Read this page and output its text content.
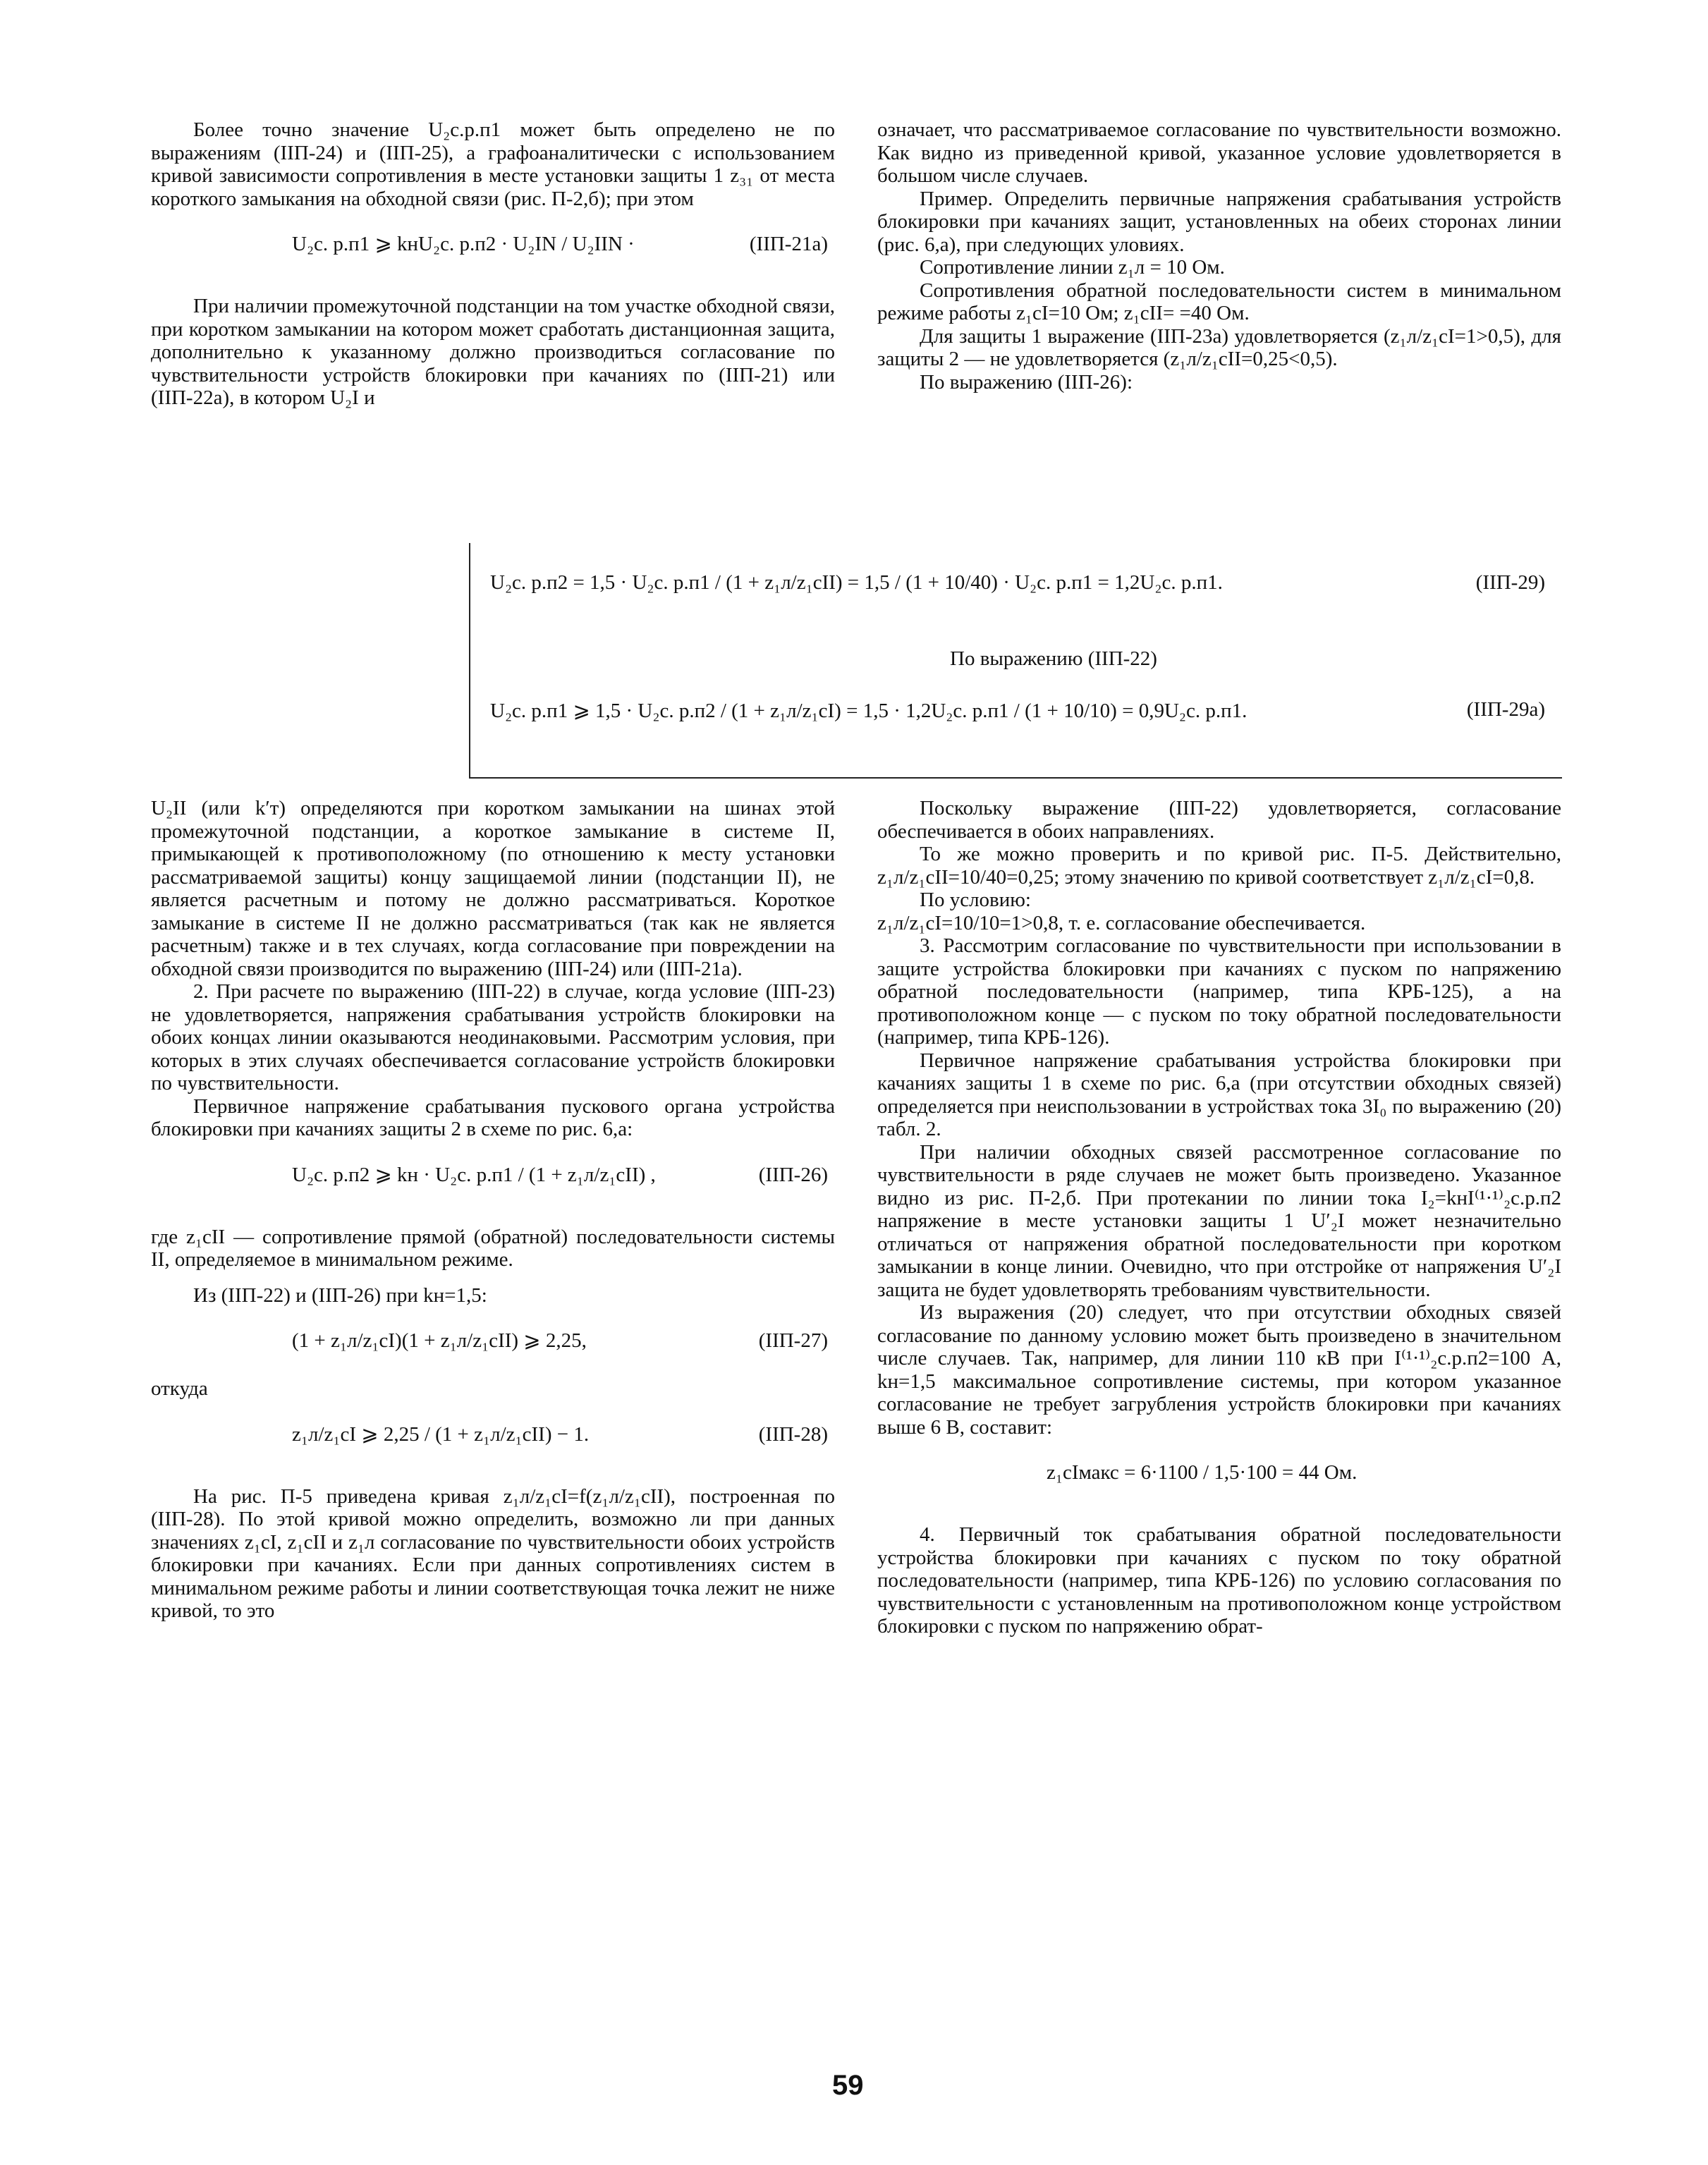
Более точно значение U₂с.р.п1 может быть определено не по выражениям (IIП-24) и (IIП-25), а графоаналитически с использованием кривой зависимости сопротивления в месте установки защиты 1 z₃₁ от места короткого замыкания на обходной связи (рис. П-2,б); при этом

U₂с. р.п1 ⩾ kнU₂с. р.п2 · U₂IN / U₂IIN ·	(IIП-21а)

При наличии промежуточной подстанции на том участке обходной связи, при коротком замыкании на котором может сработать дистанционная защита, дополнительно к указанному должно производиться согласование по чувствительности устройств блокировки при качаниях по (IIП-21) или (IIП-22а), в котором U₂I и

означает, что рассматриваемое согласование по чувствительности возможно. Как видно из приведенной кривой, указанное условие удовлетворяется в большом числе случаев.

Пример. Определить первичные напряжения срабатывания устройств блокировки при качаниях защит, установленных на обеих сторонах линии (рис. 6,а), при следующих уловиях.

Сопротивление линии z₁л = 10 Ом.

Сопротивления обратной последовательности систем в минимальном режиме работы z₁сI=10 Ом; z₁сII= =40 Ом.

Для защиты 1 выражение (IIП-23а) удовлетворяется (z₁л/z₁сI=1>0,5), для защиты 2 — не удовлетворяется (z₁л/z₁сII=0,25<0,5).

По выражению (IIП-26):

U₂с. р.п2 = 1,5 · U₂с. р.п1 / (1 + z₁л/z₁сII) = 1,5 / (1 + 10/40) · U₂с. р.п1 = 1,2U₂с. р.п1.	(IIП-29)
По выражению (IIП-22)
U₂с. р.п1 ⩾ 1,5 · U₂с. р.п2 / (1 + z₁л/z₁сI) = 1,5 · 1,2U₂с. р.п1 / (1 + 10/10) = 0,9U₂с. р.п1.	(IIП-29а)

U₂II (или k′т) определяются при коротком замыкании на шинах этой промежуточной подстанции, а короткое замыкание в системе II, примыкающей к противоположному (по отношению к месту установки рассматриваемой защиты) концу защищаемой линии (подстанции II), не является расчетным и потому не должно рассматриваться. Короткое замыкание в системе II не должно рассматриваться (так как не является расчетным) также и в тех случаях, когда согласование при повреждении на обходной связи производится по выражению (IIП-24) или (IIП-21а).

2. При расчете по выражению (IIП-22) в случае, когда условие (IIП-23) не удовлетворяется, напряжения срабатывания устройств блокировки на обоих концах линии оказываются неодинаковыми. Рассмотрим условия, при которых в этих случаях обеспечивается согласование устройств блокировки по чувствительности.

Первичное напряжение срабатывания пускового органа устройства блокировки при качаниях защиты 2 в схеме по рис. 6,а:

U₂с. р.п2 ⩾ kн · U₂с. р.п1 / (1 + z₁л/z₁сII) ,	(IIП-26)

где z₁сII — сопротивление прямой (обратной) последовательности системы II, определяемое в минимальном режиме.

Из (IIП-22) и (IIП-26) при kн=1,5:

(1 + z₁л/z₁сI)(1 + z₁л/z₁сII) ⩾ 2,25,	(IIП-27)

откуда

z₁л/z₁сI ⩾ 2,25 / (1 + z₁л/z₁сII) − 1.	(IIП-28)

На рис. П-5 приведена кривая z₁л/z₁сI=f(z₁л/z₁сII), построенная по (IIП-28). По этой кривой можно определить, возможно ли при данных значениях z₁сI, z₁сII и z₁л согласование по чувствительности обоих устройств блокировки при качаниях. Если при данных сопротивлениях систем в минимальном режиме работы и линии соответствующая точка лежит не ниже кривой, то это

Поскольку выражение (IIП-22) удовлетворяется, согласование обеспечивается в обоих направлениях.

То же можно проверить и по кривой рис. П-5. Действительно, z₁л/z₁сII=10/40=0,25; этому значению по кривой соответствует z₁л/z₁сI=0,8.

По условию:

z₁л/z₁сI=10/10=1>0,8, т. е. согласование обеспечивается.

3. Рассмотрим согласование по чувствительности при использовании в защите устройства блокировки при качаниях с пуском по напряжению обратной последовательности (например, типа КРБ-125), а на противоположном конце — с пуском по току обратной последовательности (например, типа КРБ-126).

Первичное напряжение срабатывания устройства блокировки при качаниях защиты 1 в схеме по рис. 6,а (при отсутствии обходных связей) определяется при неиспользовании в устройствах тока 3I₀ по выражению (20) табл. 2.

При наличии обходных связей рассмотренное согласование по чувствительности в ряде случаев не может быть произведено. Указанное видно из рис. П-2,б. При протекании по линии тока I₂=kнI⁽¹·¹⁾₂с.р.п2 напряжение в месте установки защиты 1 U′₂I может незначительно отличаться от напряжения обратной последовательности при коротком замыкании в конце линии. Очевидно, что при отстройке от напряжения U′₂I защита не будет удовлетворять требованиям чувствительности.

Из выражения (20) следует, что при отсутствии обходных связей согласование по данному условию может быть произведено в значительном числе случаев. Так, например, для линии 110 кВ при I⁽¹·¹⁾₂с.р.п2=100 А, kн=1,5 максимальное сопротивление системы, при котором указанное согласование не требует загрубления устройств блокировки при качаниях выше 6 В, составит:

z₁сIмакс = 6·1100 / 1,5·100 = 44 Ом.

4. Первичный ток срабатывания обратной последовательности устройства блокировки при качаниях с пуском по току обратной последовательности (например, типа КРБ-126) по условию согласования по чувствительности с установленным на противоположном конце устройством блокировки с пуском по напряжению обрат-

59
